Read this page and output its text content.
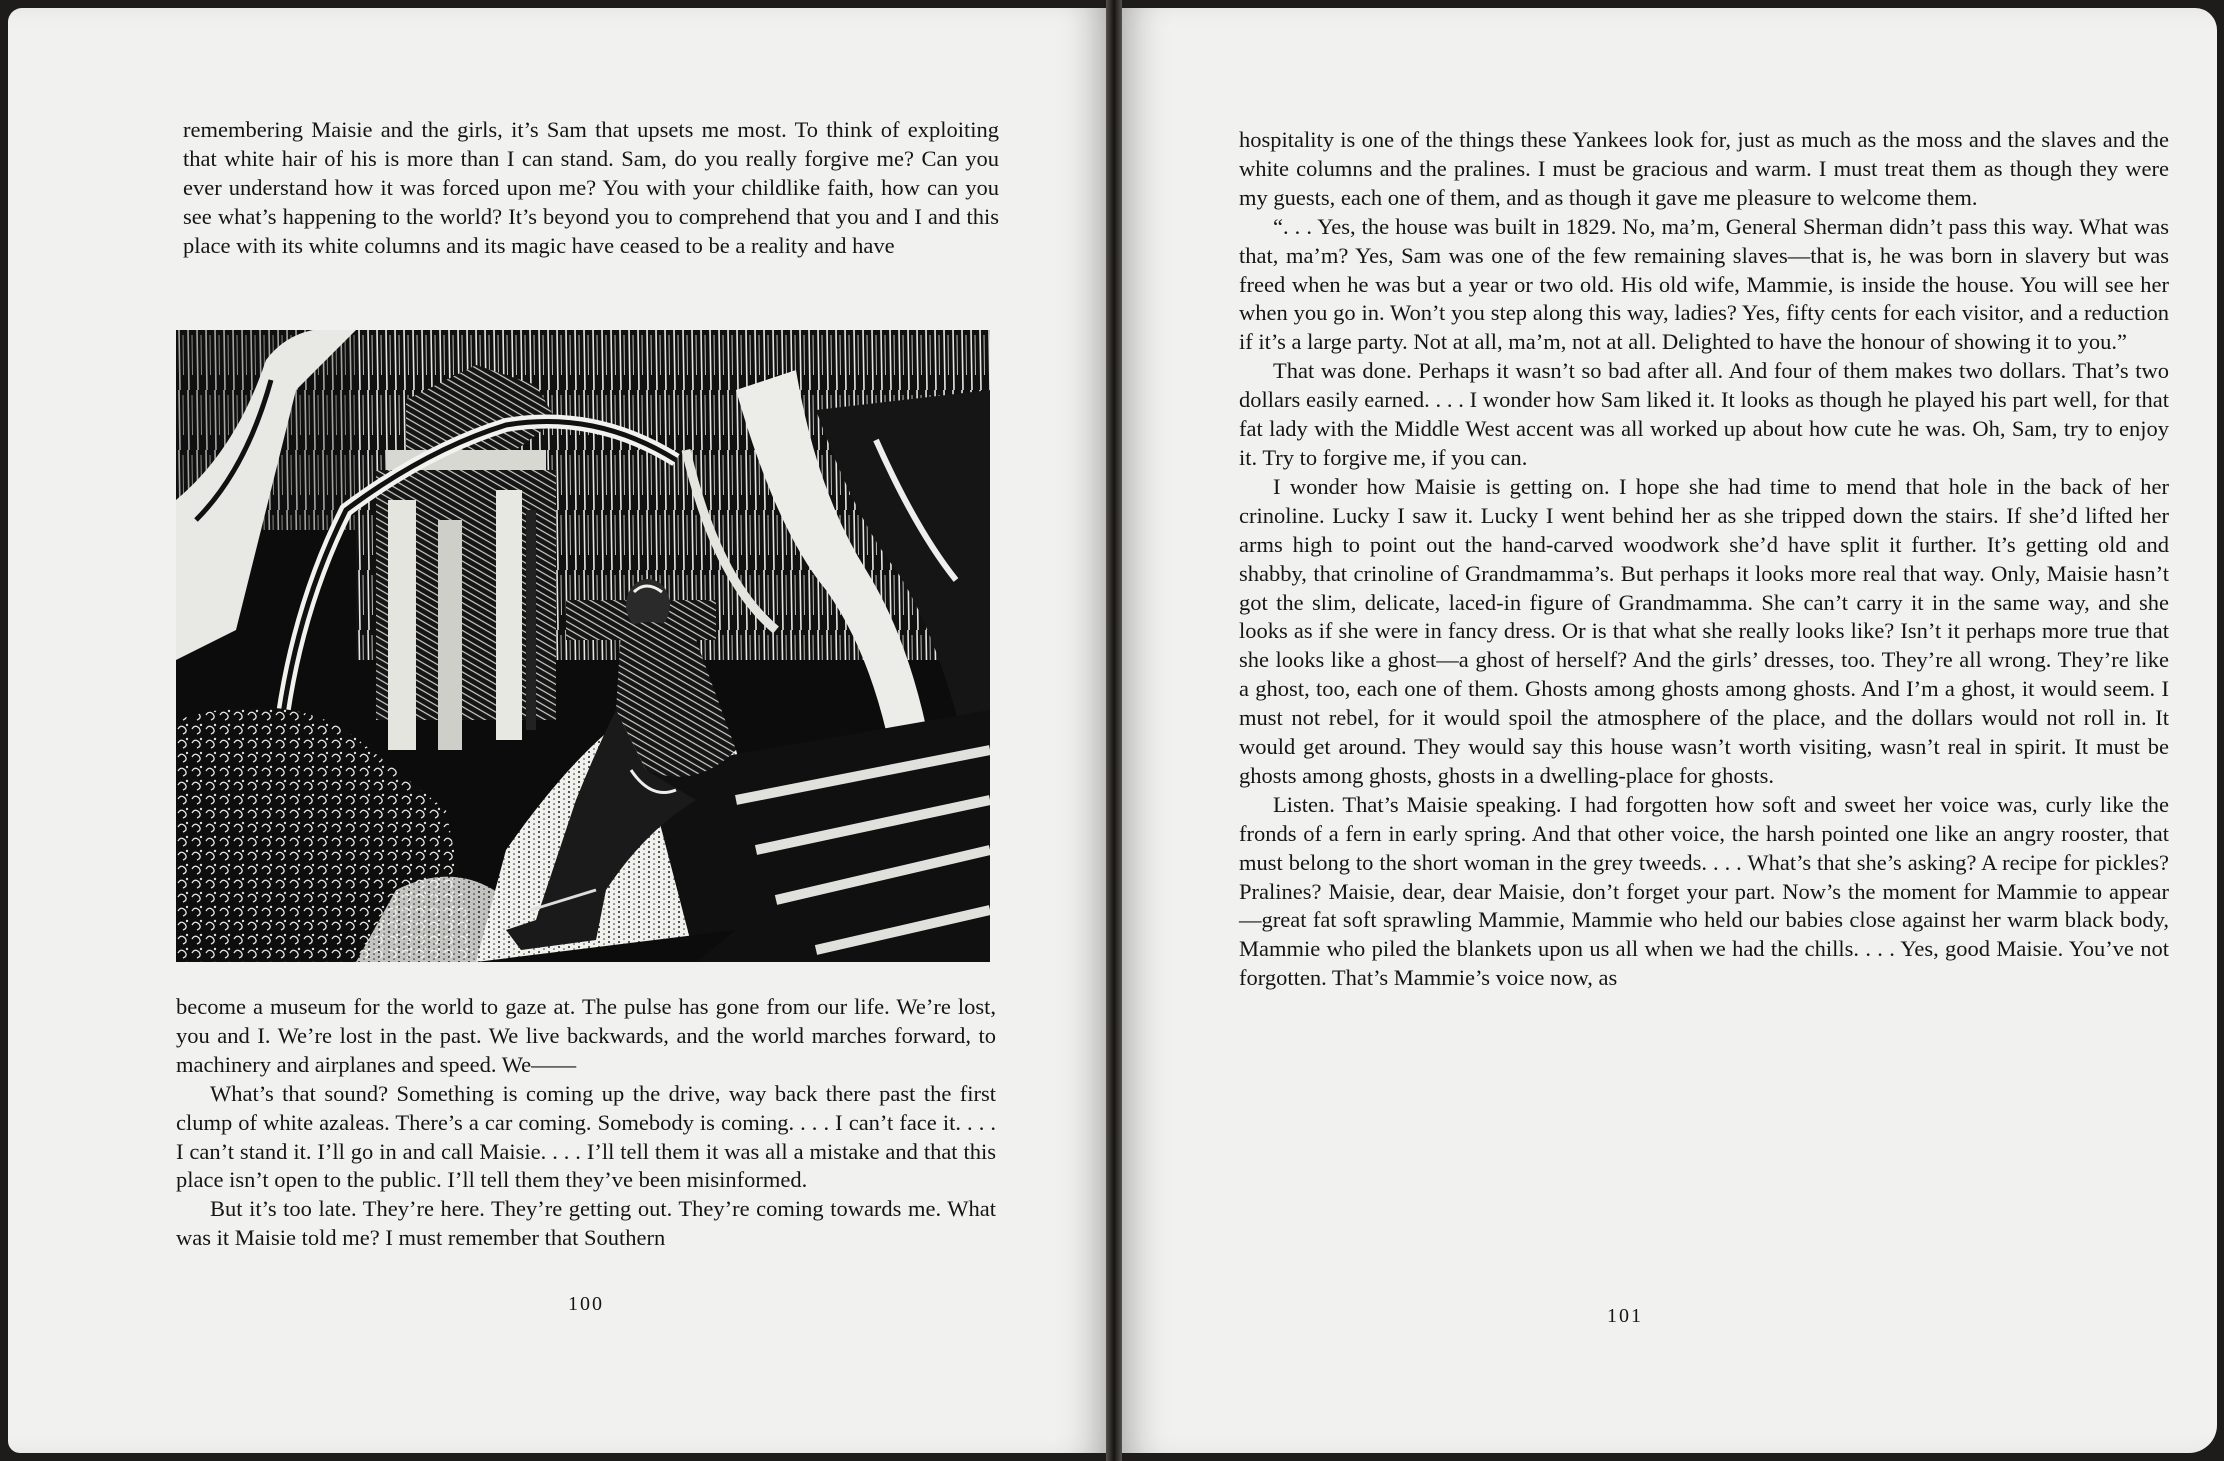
remembering Maisie and the girls, it’s Sam that upsets me most. To think of exploiting that white hair of his is more than I can stand. Sam, do you really forgive me? Can you ever understand how it was forced upon me? You with your childlike faith, how can you see what’s happening to the world? It’s beyond you to comprehend that you and I and this place with its white columns and its magic have ceased to be a reality and have

become a museum for the world to gaze at. The pulse has gone from our life. We’re lost, you and I. We’re lost in the past. We live backwards, and the world marches forward, to machinery and airplanes and speed. We——

What’s that sound? Something is coming up the drive, way back there past the first clump of white azaleas. There’s a car coming. Somebody is coming. . . . I can’t face it. . . . I can’t stand it. I’ll go in and call Maisie. . . . I’ll tell them it was all a mistake and that this place isn’t open to the public. I’ll tell them they’ve been misinformed.

But it’s too late. They’re here. They’re getting out. They’re coming towards me. What was it Maisie told me? I must remember that Southern

100

hospitality is one of the things these Yankees look for, just as much as the moss and the slaves and the white columns and the pralines. I must be gracious and warm. I must treat them as though they were my guests, each one of them, and as though it gave me pleasure to welcome them.

“. . . Yes, the house was built in 1829. No, ma’m, General Sherman didn’t pass this way. What was that, ma’m? Yes, Sam was one of the few remaining slaves—that is, he was born in slavery but was freed when he was but a year or two old. His old wife, Mammie, is inside the house. You will see her when you go in. Won’t you step along this way, ladies? Yes, fifty cents for each visitor, and a reduction if it’s a large party. Not at all, ma’m, not at all. Delighted to have the honour of showing it to you.”

That was done. Perhaps it wasn’t so bad after all. And four of them makes two dollars. That’s two dollars easily earned. . . . I wonder how Sam liked it. It looks as though he played his part well, for that fat lady with the Middle West accent was all worked up about how cute he was. Oh, Sam, try to enjoy it. Try to forgive me, if you can.

I wonder how Maisie is getting on. I hope she had time to mend that hole in the back of her crinoline. Lucky I saw it. Lucky I went behind her as she tripped down the stairs. If she’d lifted her arms high to point out the hand-carved woodwork she’d have split it further. It’s getting old and shabby, that crinoline of Grandmamma’s. But perhaps it looks more real that way. Only, Maisie hasn’t got the slim, delicate, laced-in figure of Grandmamma. She can’t carry it in the same way, and she looks as if she were in fancy dress. Or is that what she really looks like? Isn’t it perhaps more true that she looks like a ghost—a ghost of herself? And the girls’ dresses, too. They’re all wrong. They’re like a ghost, too, each one of them. Ghosts among ghosts among ghosts. And I’m a ghost, it would seem. I must not rebel, for it would spoil the atmosphere of the place, and the dollars would not roll in. It would get around. They would say this house wasn’t worth visiting, wasn’t real in spirit. It must be ghosts among ghosts, ghosts in a dwelling-place for ghosts.

Listen. That’s Maisie speaking. I had forgotten how soft and sweet her voice was, curly like the fronds of a fern in early spring. And that other voice, the harsh pointed one like an angry rooster, that must belong to the short woman in the grey tweeds. . . . What’s that she’s asking? A recipe for pickles? Pralines? Maisie, dear, dear Maisie, don’t forget your part. Now’s the moment for Mammie to appear—great fat soft sprawling Mammie, Mammie who held our babies close against her warm black body, Mammie who piled the blankets upon us all when we had the chills. . . . Yes, good Maisie. You’ve not forgotten. That’s Mammie’s voice now, as

101
